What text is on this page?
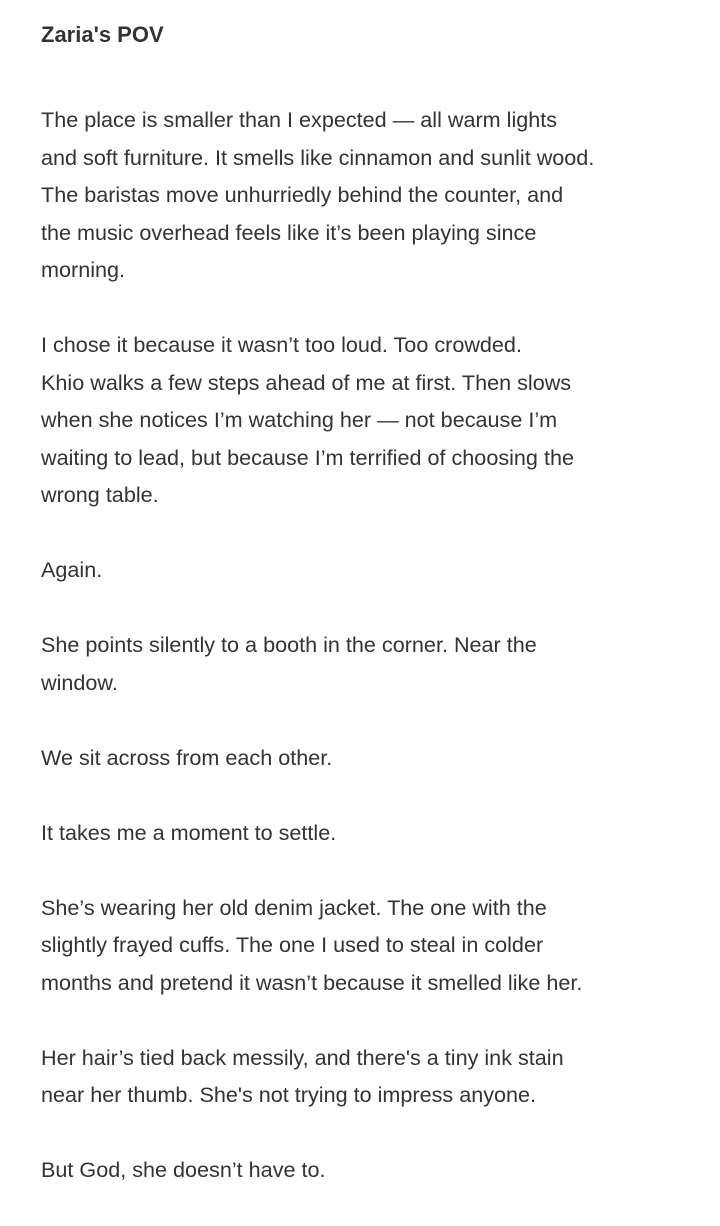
Zaria's POV

The place is smaller than I expected — all warm lights
and soft furniture. It smells like cinnamon and sunlit wood.
The baristas move unhurriedly behind the counter, and
the music overhead feels like it’s been playing since
morning.

I chose it because it wasn’t too loud. Too crowded.
Khio walks a few steps ahead of me at first. Then slows
when she notices I’m watching her — not because I’m
waiting to lead, but because I’m terrified of choosing the
wrong table.

Again.

She points silently to a booth in the corner. Near the
window.

We sit across from each other.

It takes me a moment to settle.

She’s wearing her old denim jacket. The one with the
slightly frayed cuffs. The one I used to steal in colder
months and pretend it wasn’t because it smelled like her.

Her hair’s tied back messily, and there's a tiny ink stain
near her thumb. She's not trying to impress anyone.

But God, she doesn’t have to.
